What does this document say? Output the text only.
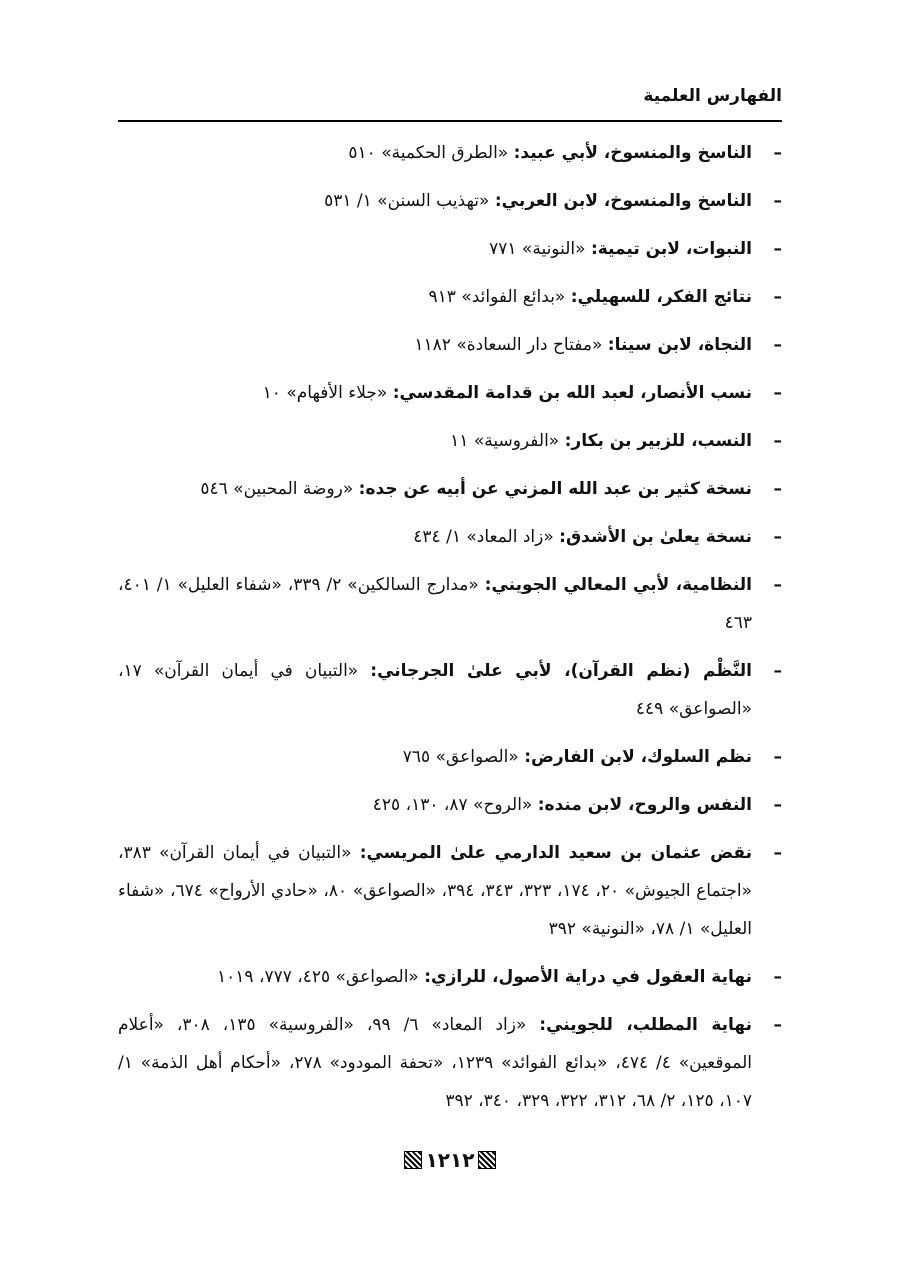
الفهارس العلمية
–
الناسخ والمنسوخ، لأبي عبيد: «الطرق الحكمية» ٥١٠
–
الناسخ والمنسوخ، لابن العربي: «تهذيب السنن» ١/ ٥٣١
–
النبوات، لابن تيمية: «النونية» ٧٧١
–
نتائج الفكر، للسهيلي: «بدائع الفوائد» ٩١٣
–
النجاة، لابن سينا: «مفتاح دار السعادة» ١١٨٢
–
نسب الأنصار، لعبد الله بن قدامة المقدسي: «جلاء الأفهام» ١٠
–
النسب، للزبير بن بكار: «الفروسية» ١١
–
نسخة كثير بن عبد الله المزني عن أبيه عن جده: «روضة المحبين» ٥٤٦
–
نسخة يعلىٰ بن الأشدق: «زاد المعاد» ١/ ٤٣٤
–
النظامية، لأبي المعالي الجويني: «مدارج السالكين» ٢/ ٣٣٩، «شفاء العليل» ١/ ٤٠١، ٤٦٣
–
النَّظْم (نظم القرآن)، لأبي علىٰ الجرجاني: «التبيان في أيمان القرآن» ١٧، «الصواعق» ٤٤٩
–
نظم السلوك، لابن الفارض: «الصواعق» ٧٦٥
–
النفس والروح، لابن منده: «الروح» ٨٧، ١٣٠، ٤٢٥
–
نقض عثمان بن سعيد الدارمي علىٰ المريسي: «التبيان في أيمان القرآن» ٣٨٣، «اجتماع الجيوش» ٢٠، ١٧٤، ٣٢٣، ٣٤٣، ٣٩٤، «الصواعق» ٨٠، «حادي الأرواح» ٦٧٤، «شفاء العليل» ١/ ٧٨، «النونية» ٣٩٢
–
نهاية العقول في دراية الأصول، للرازي: «الصواعق» ٤٢٥، ٧٧٧، ١٠١٩
–
نهاية المطلب، للجويني: «زاد المعاد» ٦/ ٩٩، «الفروسية» ١٣٥، ٣٠٨، «أعلام الموقعين» ٤/ ٤٧٤، «بدائع الفوائد» ١٢٣٩، «تحفة المودود» ٢٧٨، «أحكام أهل الذمة» ١/ ١٠٧، ١٢٥، ٢/ ٦٨، ٣١٢، ٣٢٢، ٣٢٩، ٣٤٠، ٣٩٢
١٢١٢
